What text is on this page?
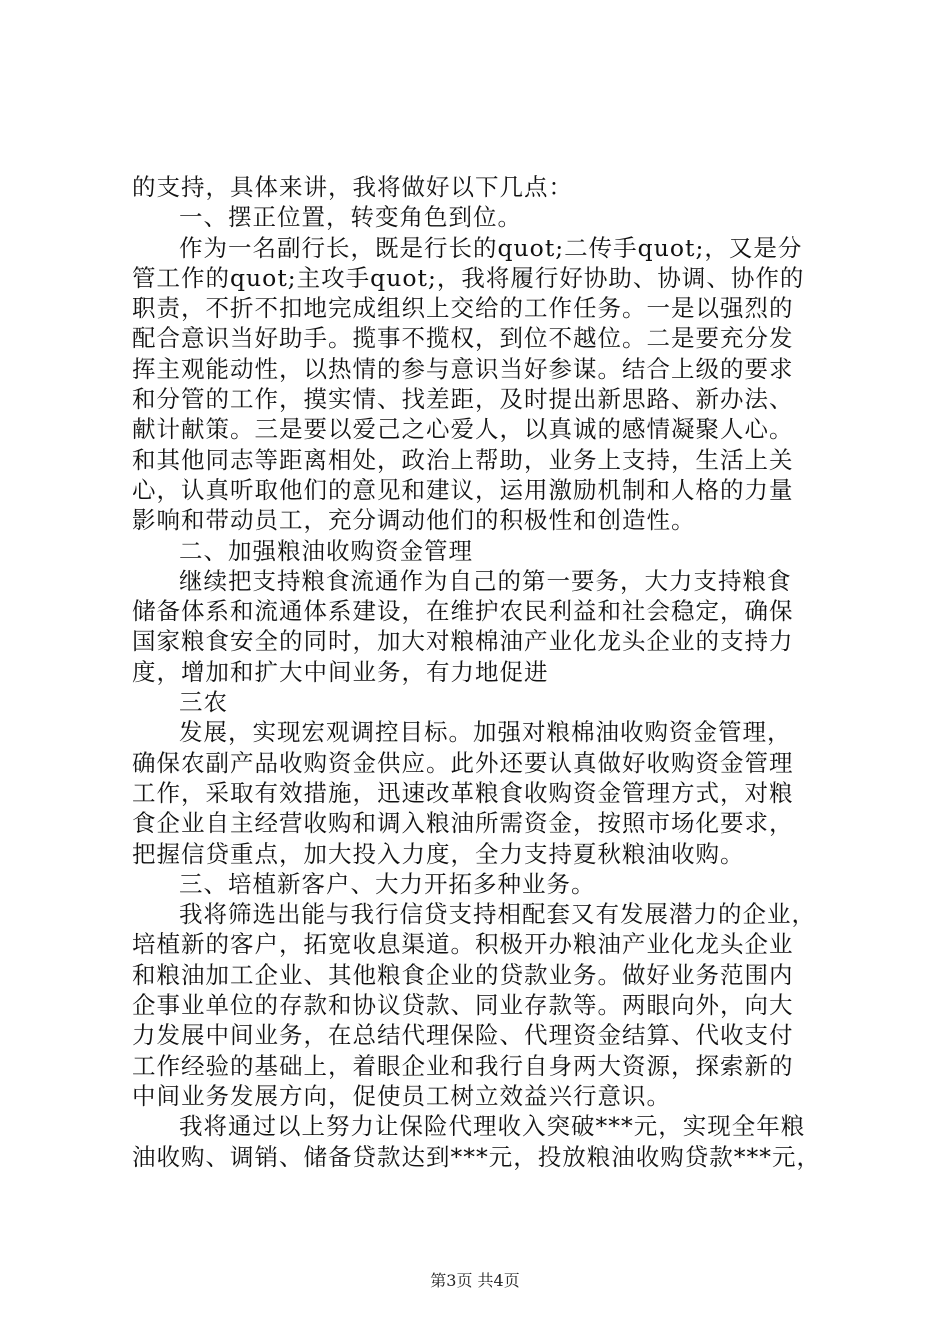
的支持，具体来讲，我将做好以下几点：

一、摆正位置，转变角色到位。

作为一名副行长，既是行长的quot;二传手quot;，又是分

管工作的quot;主攻手quot;，我将履行好协助、协调、协作的

职责，不折不扣地完成组织上交给的工作任务。一是以强烈的

配合意识当好助手。揽事不揽权，到位不越位。二是要充分发

挥主观能动性，以热情的参与意识当好参谋。结合上级的要求

和分管的工作，摸实情、找差距，及时提出新思路、新办法、

献计献策。三是要以爱己之心爱人，以真诚的感情凝聚人心。

和其他同志等距离相处，政治上帮助，业务上支持，生活上关

心，认真听取他们的意见和建议，运用激励机制和人格的力量

影响和带动员工，充分调动他们的积极性和创造性。

二、加强粮油收购资金管理

继续把支持粮食流通作为自己的第一要务，大力支持粮食

储备体系和流通体系建设，在维护农民利益和社会稳定，确保

国家粮食安全的同时，加大对粮棉油产业化龙头企业的支持力

度，增加和扩大中间业务，有力地促进

三农

发展，实现宏观调控目标。加强对粮棉油收购资金管理，

确保农副产品收购资金供应。此外还要认真做好收购资金管理

工作，采取有效措施，迅速改革粮食收购资金管理方式，对粮

食企业自主经营收购和调入粮油所需资金，按照市场化要求，

把握信贷重点，加大投入力度，全力支持夏秋粮油收购。

三、培植新客户、大力开拓多种业务。

我将筛选出能与我行信贷支持相配套又有发展潜力的企业，

培植新的客户，拓宽收息渠道。积极开办粮油产业化龙头企业

和粮油加工企业、其他粮食企业的贷款业务。做好业务范围内

企事业单位的存款和协议贷款、同业存款等。两眼向外，向大

力发展中间业务，在总结代理保险、代理资金结算、代收支付

工作经验的基础上，着眼企业和我行自身两大资源，探索新的

中间业务发展方向，促使员工树立效益兴行意识。

我将通过以上努力让保险代理收入突破***元，实现全年粮

油收购、调销、储备贷款达到***元，投放粮油收购贷款***元，

第3页 共4页
